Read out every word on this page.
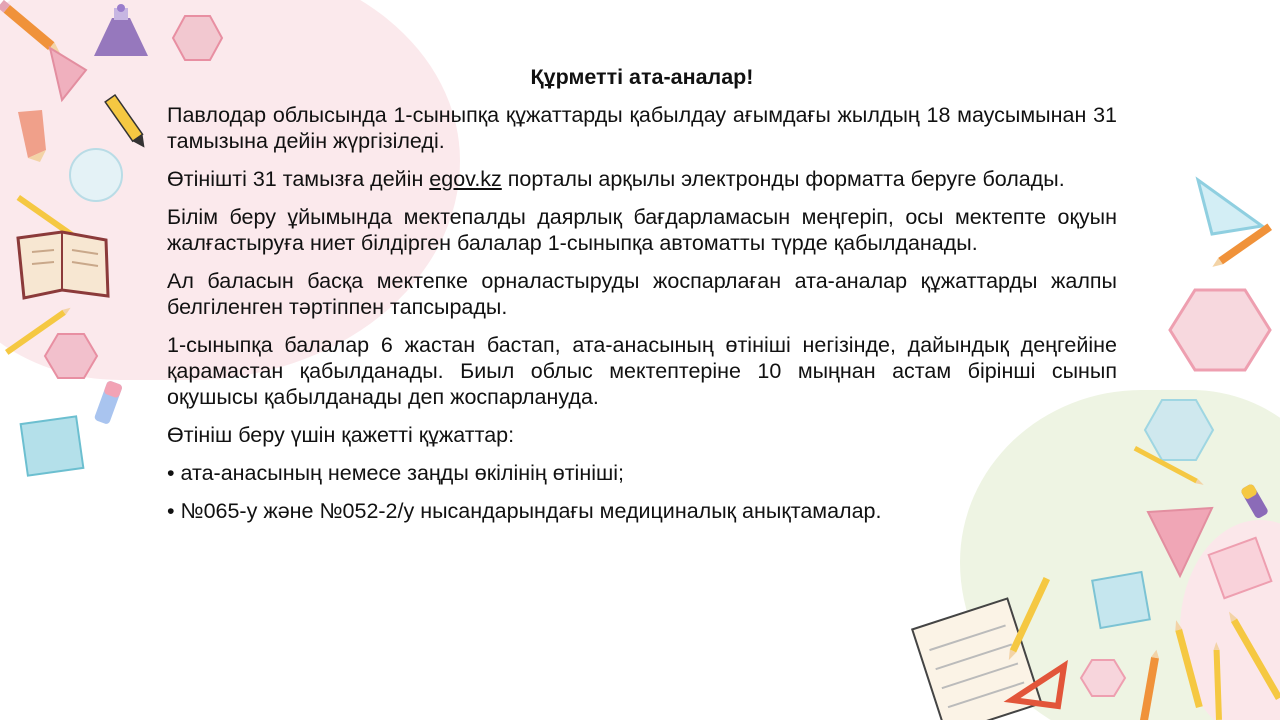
Құрметті ата-аналар!
Павлодар облысында 1-сыныпқа құжаттарды қабылдау ағымдағы жылдың 18 маусымынан 31 тамызына дейін жүргізіледі.
Өтінішті 31 тамызға дейін egov.kz порталы арқылы электронды форматта беруге болады.
Білім беру ұйымында мектепалды даярлық бағдарламасын меңгеріп, осы мектепте оқуын жалғастыруға ниет білдірген балалар 1-сыныпқа автоматты түрде қабылданады.
Ал баласын басқа мектепке орналастыруды жоспарлаған ата-аналар құжаттарды жалпы белгіленген тәртіппен тапсырады.
1-сыныпқа балалар 6 жастан бастап, ата-анасының өтініші негізінде, дайындық деңгейіне қарамастан қабылданады. Биыл облыс мектептеріне 10 мыңнан астам бірінші сынып оқушысы қабылданады деп жоспарлануда.
Өтініш беру үшін қажетті құжаттар:
• ата-анасының немесе заңды өкілінің өтініші;
• №065-у және №052-2/у нысандарындағы медициналық анықтамалар.
